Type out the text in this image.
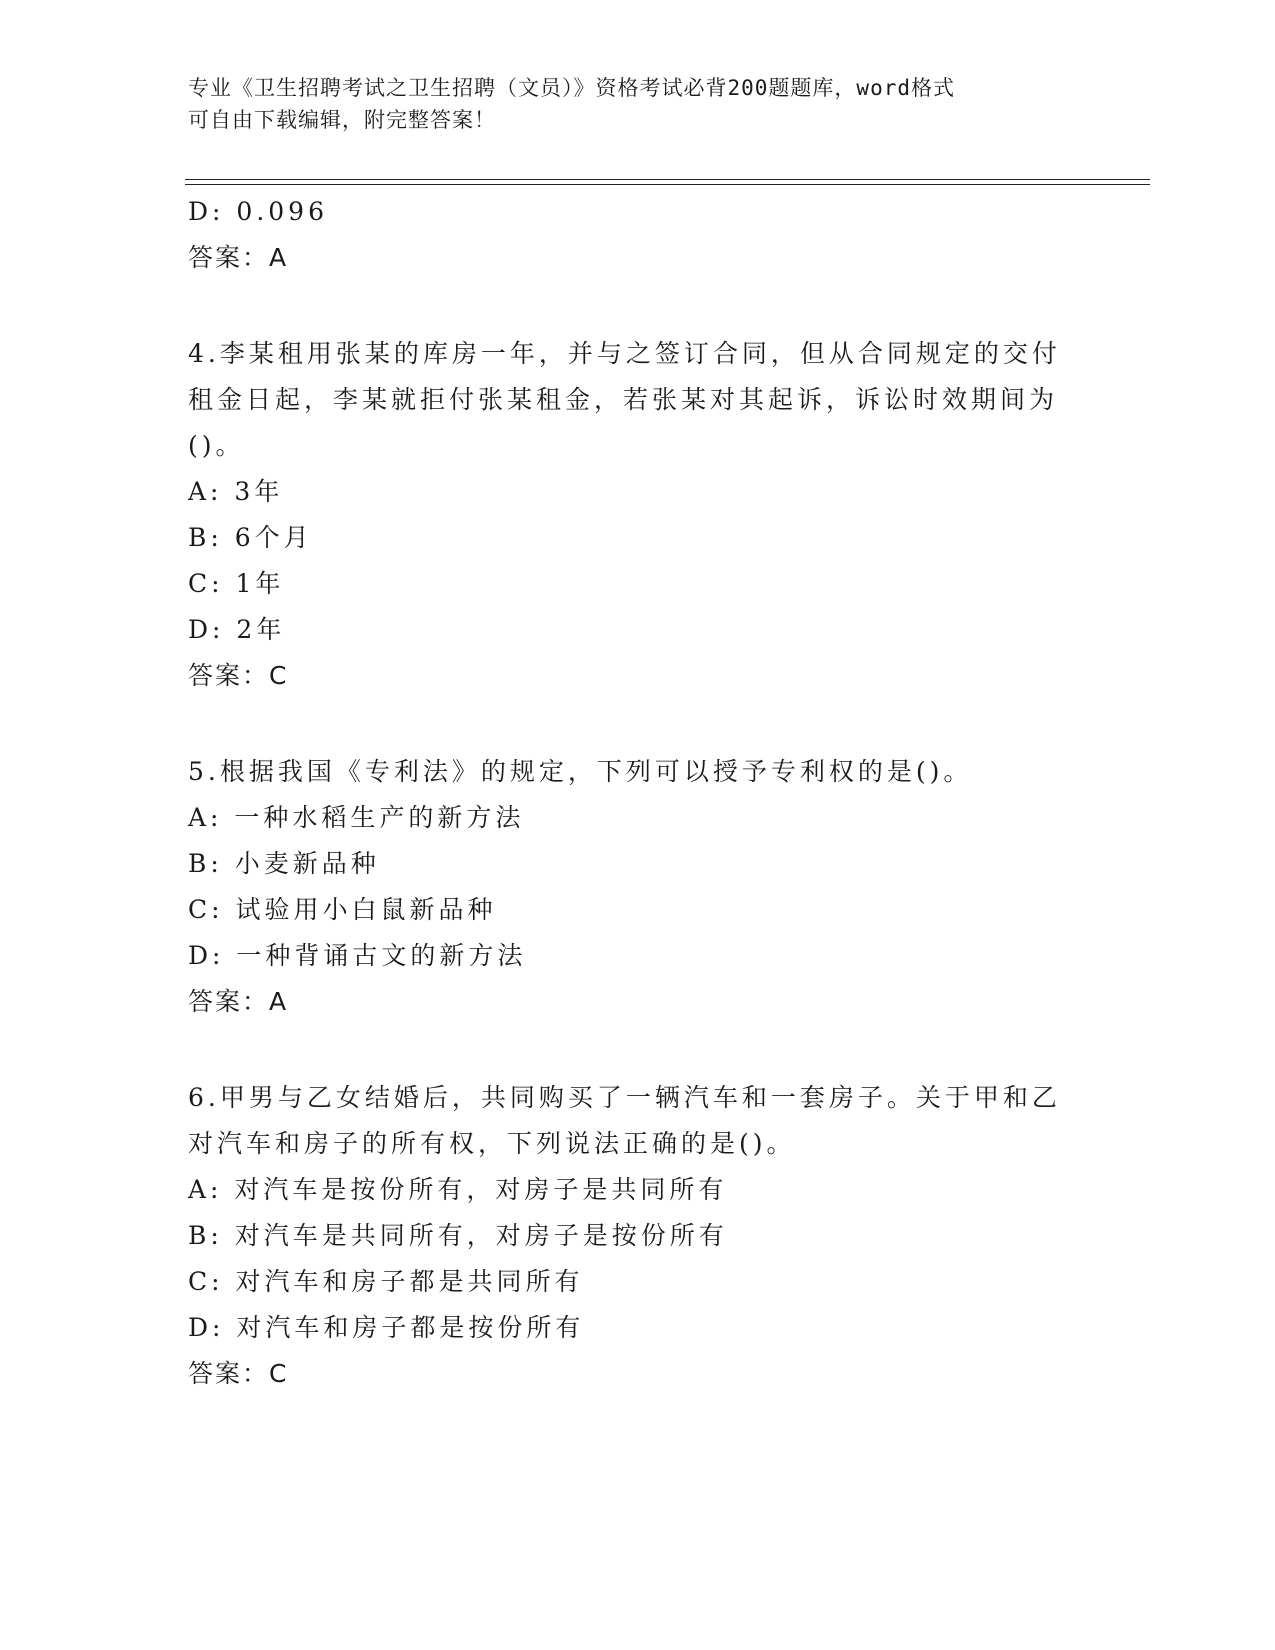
专业《卫生招聘考试之卫生招聘（文员）》资格考试必背200题题库，word格式
可自由下载编辑，附完整答案！

D: 0.096

答案：A

4.李某租用张某的库房一年，并与之签订合同，但从合同规定的交付

租金日起，李某就拒付张某租金，若张某对其起诉，诉讼时效期间为

()。

A: 3年

B: 6个月

C: 1年

D: 2年

答案：C

5.根据我国《专利法》的规定，下列可以授予专利权的是()。

A: 一种水稻生产的新方法

B: 小麦新品种

C: 试验用小白鼠新品种

D: 一种背诵古文的新方法

答案：A

6.甲男与乙女结婚后，共同购买了一辆汽车和一套房子。关于甲和乙

对汽车和房子的所有权，下列说法正确的是()。

A: 对汽车是按份所有，对房子是共同所有

B: 对汽车是共同所有，对房子是按份所有

C: 对汽车和房子都是共同所有

D: 对汽车和房子都是按份所有

答案：C
